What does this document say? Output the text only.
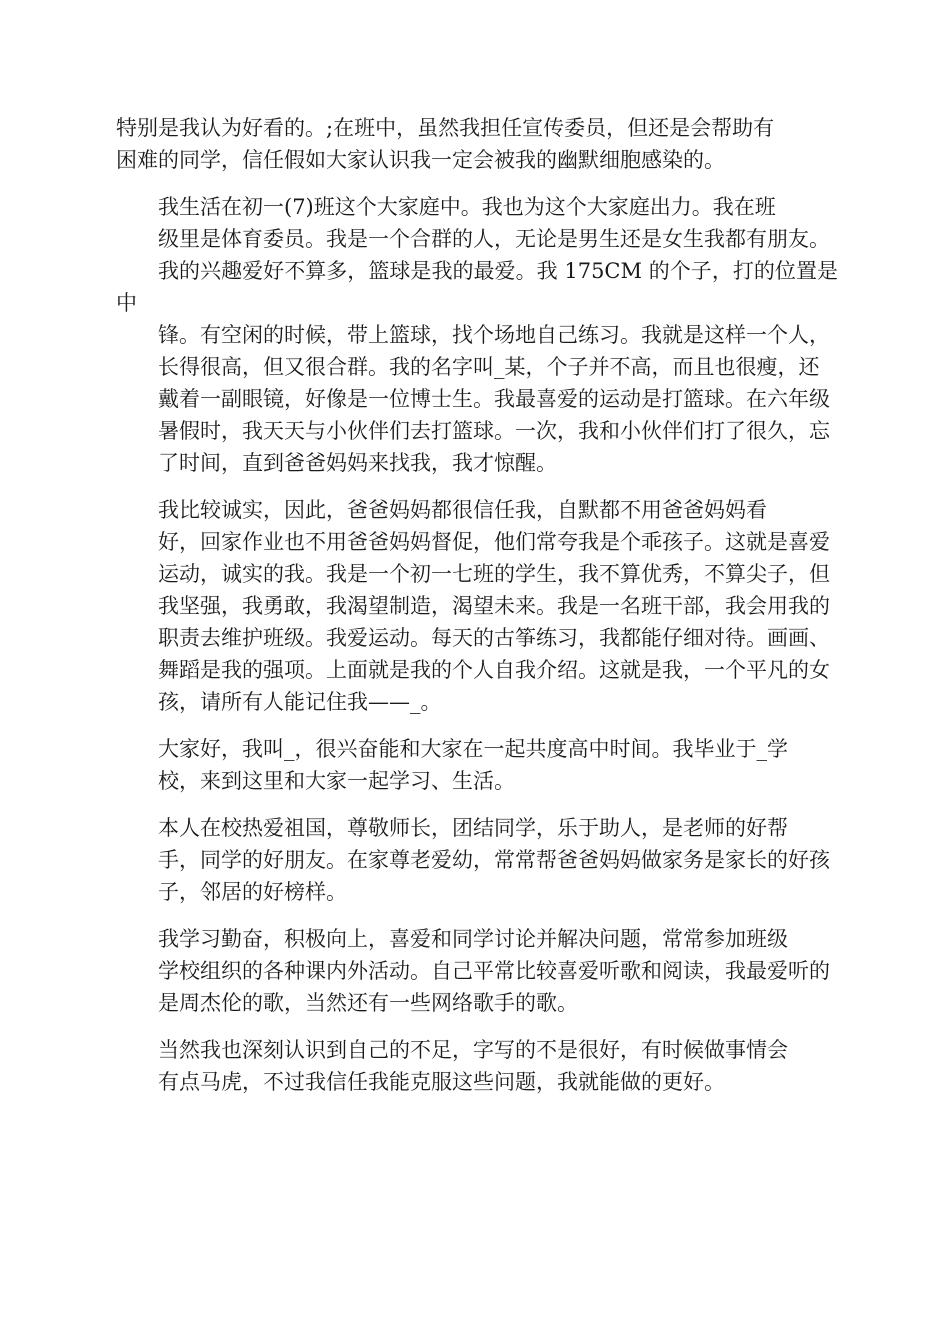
特别是我认为好看的。;在班中，虽然我担任宣传委员，但还是会帮助有
困难的同学，信任假如大家认识我一定会被我的幽默细胞感染的。
我生活在初一(7)班这个大家庭中。我也为这个大家庭出力。我在班
级里是体育委员。我是一个合群的人，无论是男生还是女生我都有朋友。
我的兴趣爱好不算多，篮球是我的最爱。我 175CM 的个子，打的位置是中
锋。有空闲的时候，带上篮球，找个场地自己练习。我就是这样一个人，
长得很高，但又很合群。我的名字叫_某，个子并不高，而且也很瘦，还
戴着一副眼镜，好像是一位博士生。我最喜爱的运动是打篮球。在六年级
暑假时，我天天与小伙伴们去打篮球。一次，我和小伙伴们打了很久，忘
了时间，直到爸爸妈妈来找我，我才惊醒。
我比较诚实，因此，爸爸妈妈都很信任我，自默都不用爸爸妈妈看
好，回家作业也不用爸爸妈妈督促，他们常夸我是个乖孩子。这就是喜爱
运动，诚实的我。我是一个初一七班的学生，我不算优秀，不算尖子，但
我坚强，我勇敢，我渴望制造，渴望未来。我是一名班干部，我会用我的
职责去维护班级。我爱运动。每天的古筝练习，我都能仔细对待。画画、
舞蹈是我的强项。上面就是我的个人自我介绍。这就是我，一个平凡的女
孩，请所有人能记住我——_。
大家好，我叫_，很兴奋能和大家在一起共度高中时间。我毕业于_学
校，来到这里和大家一起学习、生活。
本人在校热爱祖国，尊敬师长，团结同学，乐于助人，是老师的好帮
手，同学的好朋友。在家尊老爱幼，常常帮爸爸妈妈做家务是家长的好孩
子，邻居的好榜样。
我学习勤奋，积极向上，喜爱和同学讨论并解决问题，常常参加班级
学校组织的各种课内外活动。自己平常比较喜爱听歌和阅读，我最爱听的
是周杰伦的歌，当然还有一些网络歌手的歌。
当然我也深刻认识到自己的不足，字写的不是很好，有时候做事情会
有点马虎，不过我信任我能克服这些问题，我就能做的更好。
